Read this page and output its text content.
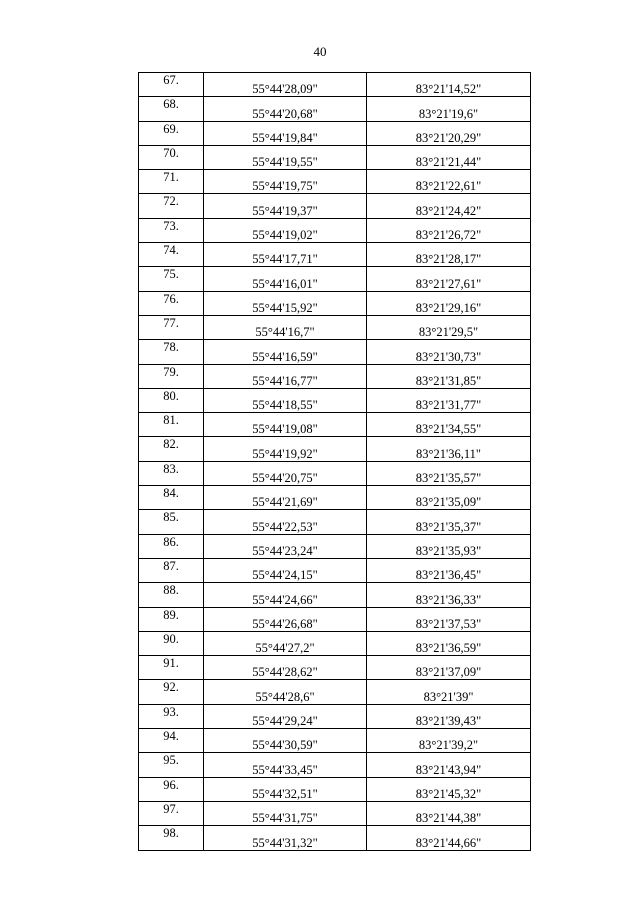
40
67.	55°44'28,09"	83°21'14,52"
68.	55°44'20,68"	83°21'19,6"
69.	55°44'19,84"	83°21'20,29"
70.	55°44'19,55"	83°21'21,44"
71.	55°44'19,75"	83°21'22,61"
72.	55°44'19,37"	83°21'24,42"
73.	55°44'19,02"	83°21'26,72"
74.	55°44'17,71"	83°21'28,17"
75.	55°44'16,01"	83°21'27,61"
76.	55°44'15,92"	83°21'29,16"
77.	55°44'16,7"	83°21'29,5"
78.	55°44'16,59"	83°21'30,73"
79.	55°44'16,77"	83°21'31,85"
80.	55°44'18,55"	83°21'31,77"
81.	55°44'19,08"	83°21'34,55"
82.	55°44'19,92"	83°21'36,11"
83.	55°44'20,75"	83°21'35,57"
84.	55°44'21,69"	83°21'35,09"
85.	55°44'22,53"	83°21'35,37"
86.	55°44'23,24"	83°21'35,93"
87.	55°44'24,15"	83°21'36,45"
88.	55°44'24,66"	83°21'36,33"
89.	55°44'26,68"	83°21'37,53"
90.	55°44'27,2"	83°21'36,59"
91.	55°44'28,62"	83°21'37,09"
92.	55°44'28,6"	83°21'39"
93.	55°44'29,24"	83°21'39,43"
94.	55°44'30,59"	83°21'39,2"
95.	55°44'33,45"	83°21'43,94"
96.	55°44'32,51"	83°21'45,32"
97.	55°44'31,75"	83°21'44,38"
98.	55°44'31,32"	83°21'44,66"
